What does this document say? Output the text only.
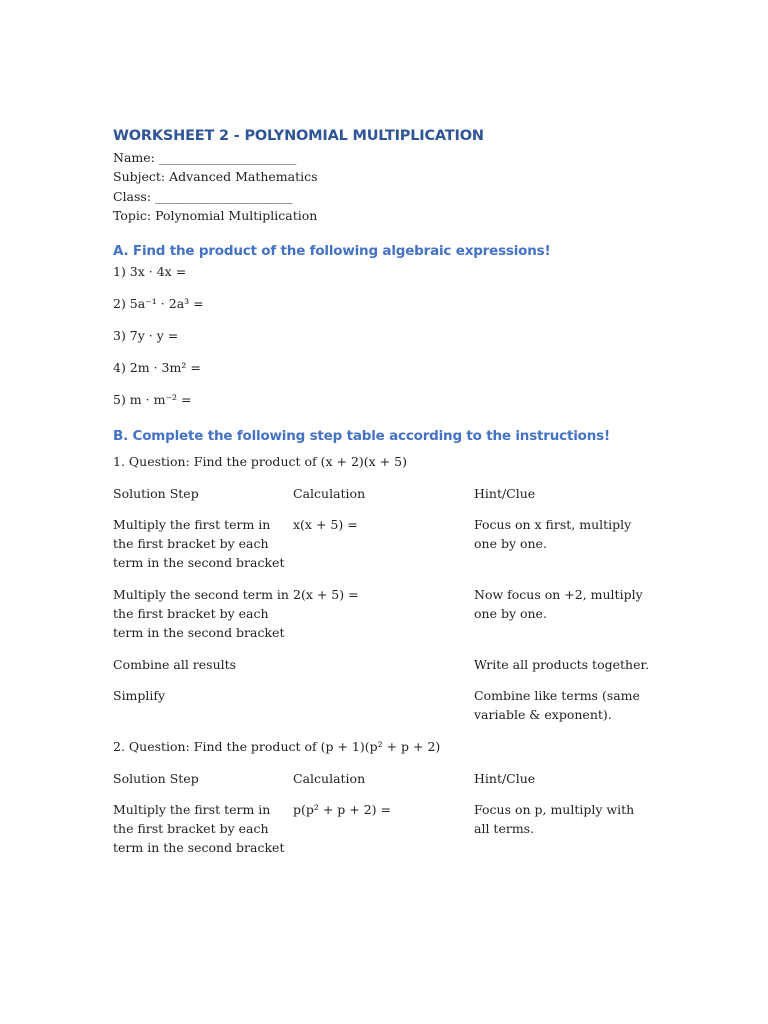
WORKSHEET 2 - POLYNOMIAL MULTIPLICATION
Name: ______________________
Subject: Advanced Mathematics
Class: ______________________
Topic: Polynomial Multiplication
A. Find the product of the following algebraic expressions!
1) 3x · 4x =
2) 5a⁻¹ · 2a³ =
3) 7y · y =
4) 2m · 3m² =
5) m · m⁻² =
B. Complete the following step table according to the instructions!
1. Question: Find the product of (x + 2)(x + 5)
Solution Step	Calculation	Hint/Clue
Multiply the first term in the first bracket by each term in the second bracket	x(x + 5) =	Focus on x first, multiply one by one.
Multiply the second term in the first bracket by each term in the second bracket	2(x + 5) =	Now focus on +2, multiply one by one.
Combine all results		Write all products together.
Simplify		Combine like terms (same variable & exponent).
2. Question: Find the product of (p + 1)(p² + p + 2)
Solution Step	Calculation	Hint/Clue
Multiply the first term in the first bracket by each term in the second bracket	p(p² + p + 2) =	Focus on p, multiply with all terms.
